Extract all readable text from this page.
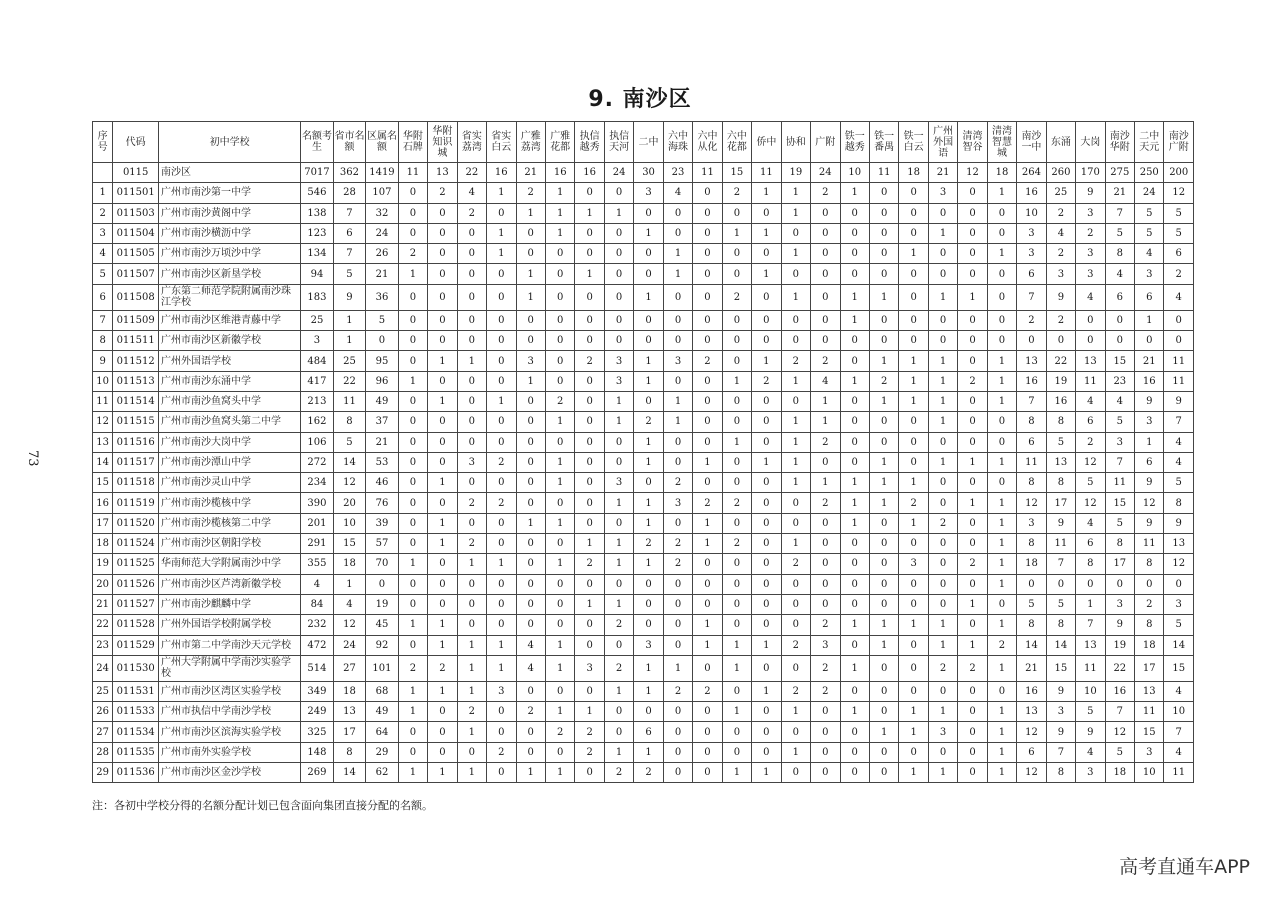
9. 南沙区
73
序号	代码	初中学校	名额考生	省市名额	区属名额	华附石牌	华附知识城	省实荔湾	省实白云	广雅荔湾	广雅花都	执信越秀	执信天河	二中	六中海珠	六中从化	六中花都	侨中	协和	广附	铁一越秀	铁一番禺	铁一白云	广州外国语	清湾智谷	清湾智慧城	南沙一中	东涌	大岗	南沙华附	二中天元	南沙广附
	0115	南沙区	7017	362	1419	11	13	22	16	21	16	16	24	30	23	11	15	11	19	24	10	11	18	21	12	18	264	260	170	275	250	200
1	011501	广州市南沙第一中学	546	28	107	0	2	4	1	2	1	0	0	3	4	0	2	1	1	2	1	0	0	3	0	1	16	25	9	21	24	12
2	011503	广州市南沙黄阁中学	138	7	32	0	0	2	0	1	1	1	1	0	0	0	0	0	1	0	0	0	0	0	0	0	10	2	3	7	5	5
3	011504	广州市南沙横沥中学	123	6	24	0	0	0	1	0	1	0	0	1	0	0	1	1	0	0	0	0	0	1	0	0	3	4	2	5	5	5
4	011505	广州市南沙万顷沙中学	134	7	26	2	0	0	1	0	0	0	0	0	1	0	0	0	1	0	0	0	1	0	0	1	3	2	3	8	4	6
5	011507	广州市南沙区新垦学校	94	5	21	1	0	0	0	1	0	1	0	0	1	0	0	1	0	0	0	0	0	0	0	0	6	3	3	4	3	2
6	011508	广东第二师范学院附属南沙珠江学校	183	9	36	0	0	0	0	1	0	0	0	1	0	0	2	0	1	0	1	1	0	1	1	0	7	9	4	6	6	4
7	011509	广州市南沙区维港青藤中学	25	1	5	0	0	0	0	0	0	0	0	0	0	0	0	0	0	0	1	0	0	0	0	0	2	2	0	0	1	0
8	011511	广州市南沙区新徽学校	3	1	0	0	0	0	0	0	0	0	0	0	0	0	0	0	0	0	0	0	0	0	0	0	0	0	0	0	0	0
9	011512	广州外国语学校	484	25	95	0	1	1	0	3	0	2	3	1	3	2	0	1	2	2	0	1	1	1	0	1	13	22	13	15	21	11
10	011513	广州市南沙东涌中学	417	22	96	1	0	0	0	1	0	0	3	1	0	0	1	2	1	4	1	2	1	1	2	1	16	19	11	23	16	11
11	011514	广州市南沙鱼窝头中学	213	11	49	0	1	0	1	0	2	0	1	0	1	0	0	0	0	1	0	1	1	1	0	1	7	16	4	4	9	9
12	011515	广州市南沙鱼窝头第二中学	162	8	37	0	0	0	0	0	1	0	1	2	1	0	0	0	1	1	0	0	0	1	0	0	8	8	6	5	3	7
13	011516	广州市南沙大岗中学	106	5	21	0	0	0	0	0	0	0	0	1	0	0	1	0	1	2	0	0	0	0	0	0	6	5	2	3	1	4
14	011517	广州市南沙潭山中学	272	14	53	0	0	3	2	0	1	0	0	1	0	1	0	1	1	0	0	1	0	1	1	1	11	13	12	7	6	4
15	011518	广州市南沙灵山中学	234	12	46	0	1	0	0	0	1	0	3	0	2	0	0	0	1	1	1	1	1	0	0	0	8	8	5	11	9	5
16	011519	广州市南沙榄核中学	390	20	76	0	0	2	2	0	0	0	1	1	3	2	2	0	0	2	1	1	2	0	1	1	12	17	12	15	12	8
17	011520	广州市南沙榄核第二中学	201	10	39	0	1	0	0	1	1	0	0	1	0	1	0	0	0	0	1	0	1	2	0	1	3	9	4	5	9	9
18	011524	广州市南沙区朝阳学校	291	15	57	0	1	2	0	0	0	1	1	2	2	1	2	0	1	0	0	0	0	0	0	1	8	11	6	8	11	13
19	011525	华南师范大学附属南沙中学	355	18	70	1	0	1	1	0	1	2	1	1	2	0	0	0	2	0	0	0	3	0	2	1	18	7	8	17	8	12
20	011526	广州市南沙区芦湾新徽学校	4	1	0	0	0	0	0	0	0	0	0	0	0	0	0	0	0	0	0	0	0	0	0	1	0	0	0	0	0	0
21	011527	广州市南沙麒麟中学	84	4	19	0	0	0	0	0	0	1	1	0	0	0	0	0	0	0	0	0	0	0	1	0	5	5	1	3	2	3
22	011528	广州外国语学校附属学校	232	12	45	1	1	0	0	0	0	0	2	0	0	1	0	0	0	2	1	1	1	1	0	1	8	8	7	9	8	5
23	011529	广州市第二中学南沙天元学校	472	24	92	0	1	1	1	4	1	0	0	3	0	1	1	1	2	3	0	1	0	1	1	2	14	14	13	19	18	14
24	011530	广州大学附属中学南沙实验学校	514	27	101	2	2	1	1	4	1	3	2	1	1	0	1	0	0	2	1	0	0	2	2	1	21	15	11	22	17	15
25	011531	广州市南沙区湾区实验学校	349	18	68	1	1	1	3	0	0	0	1	1	2	2	0	1	2	2	0	0	0	0	0	0	16	9	10	16	13	4
26	011533	广州市执信中学南沙学校	249	13	49	1	0	2	0	2	1	1	0	0	0	0	1	0	1	0	1	0	1	1	0	1	13	3	5	7	11	10
27	011534	广州市南沙区滨海实验学校	325	17	64	0	0	1	0	0	2	2	0	6	0	0	0	0	0	0	0	1	1	3	0	1	12	9	9	12	15	7
28	011535	广州市南外实验学校	148	8	29	0	0	0	2	0	0	2	1	1	0	0	0	0	1	0	0	0	0	0	0	1	6	7	4	5	3	4
29	011536	广州市南沙区金沙学校	269	14	62	1	1	1	0	1	1	0	2	2	0	0	1	1	0	0	0	0	1	1	0	1	12	8	3	18	10	11
注：各初中学校分得的名额分配计划已包含面向集团直接分配的名额。
高考直通车APP
